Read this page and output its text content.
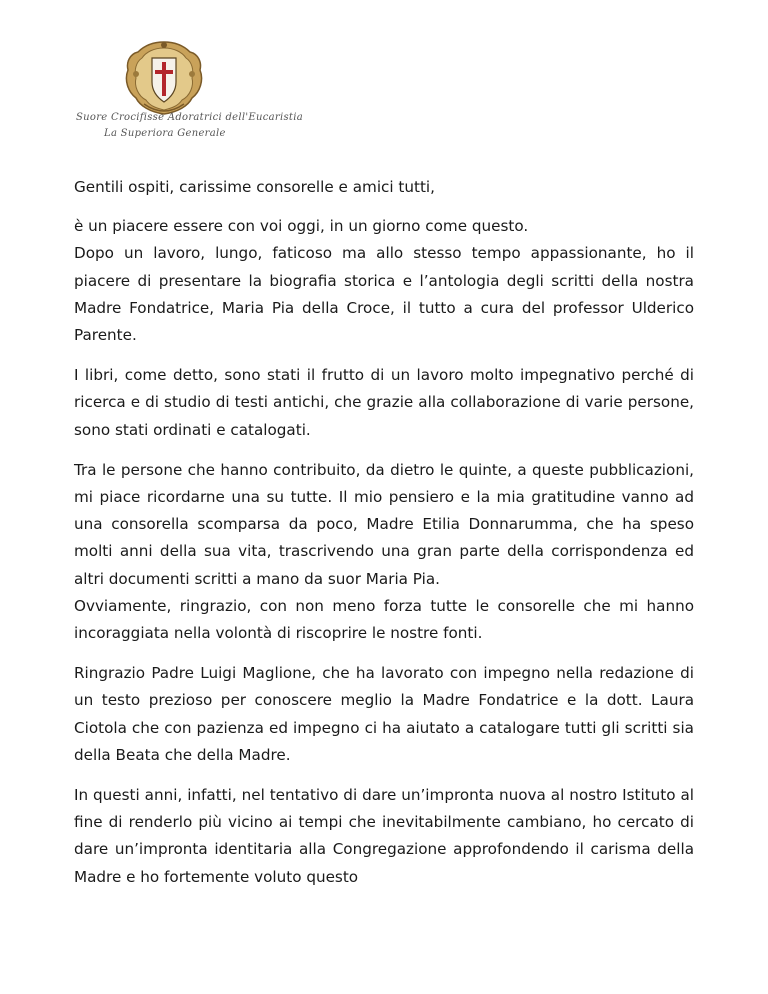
Suore Crocifisse Adoratrici dell'Eucaristia
La Superiora Generale

Gentili ospiti, carissime consorelle e amici tutti,

è un piacere essere con voi oggi, in un giorno come questo.

Dopo un lavoro, lungo, faticoso ma allo stesso tempo appassionante, ho il piacere di presentare la biografia storica e l’antologia degli scritti della nostra Madre Fondatrice, Maria Pia della Croce, il tutto a cura del professor Ulderico Parente.

I libri, come detto, sono stati il frutto di un lavoro molto impegnativo perché di ricerca e di studio di testi antichi, che grazie alla collaborazione di varie persone, sono stati ordinati e catalogati.

Tra le persone che hanno contribuito, da dietro le quinte, a queste pubblicazioni, mi piace ricordarne una su tutte. Il mio pensiero e la mia gratitudine vanno ad una consorella scomparsa da poco, Madre Etilia Donnarumma, che ha speso molti anni della sua vita, trascrivendo una gran parte della corrispondenza ed altri documenti scritti a mano da suor Maria Pia.

Ovviamente, ringrazio, con non meno forza tutte le consorelle che mi hanno incoraggiata nella volontà di riscoprire le nostre fonti.

Ringrazio Padre Luigi Maglione, che ha lavorato con impegno nella redazione di un testo prezioso per conoscere meglio la Madre Fondatrice e la dott. Laura Ciotola che con pazienza ed impegno ci ha aiutato a catalogare tutti gli scritti sia della Beata che della Madre.

In questi anni, infatti, nel tentativo di dare un’impronta nuova al nostro Istituto al fine di renderlo più vicino ai tempi che inevitabilmente cambiano, ho cercato di dare un’impronta identitaria alla Congregazione approfondendo il carisma della Madre e ho fortemente voluto questo
